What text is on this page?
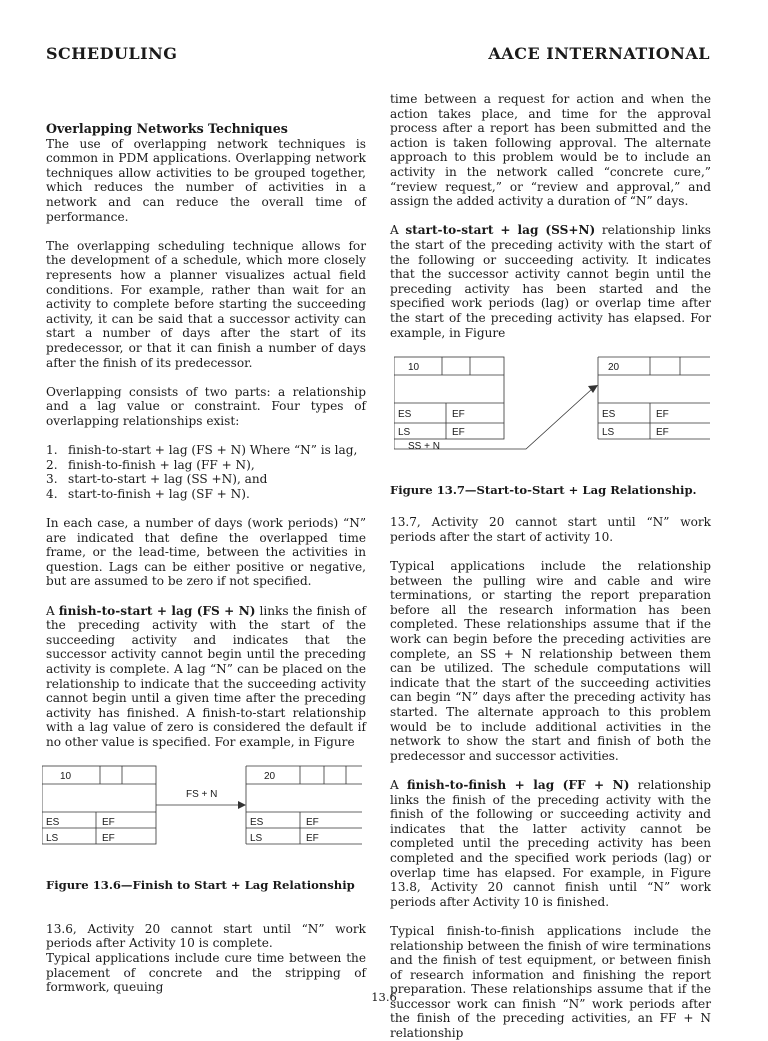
SCHEDULING	AACE INTERNATIONAL

Overlapping Networks Techniques

The use of overlapping network techniques is common in PDM applications. Overlapping network techniques allow activities to be grouped together, which reduces the number of activities in a network and can reduce the overall time of performance.

The overlapping scheduling technique allows for the development of a schedule, which more closely represents how a planner visualizes actual field conditions. For example, rather than wait for an activity to complete before starting the succeeding activity, it can be said that a successor activity can start a number of days after the start of its predecessor, or that it can finish a number of days after the finish of its predecessor.

Overlapping consists of two parts: a relationship and a lag value or constraint. Four types of overlapping relationships exist:

1. finish-to-start + lag (FS + N) Where “N” is lag,
2. finish-to-finish + lag (FF + N),
3. start-to-start + lag (SS +N), and
4. start-to-finish + lag (SF + N).

In each case, a number of days (work periods) “N” are indicated that define the overlapped time frame, or the lead-time, between the activities in question. Lags can be either positive or negative, but are assumed to be zero if not specified.

A finish-to-start + lag (FS + N) links the finish of the preceding activity with the start of the succeeding activity and indicates that the successor activity cannot begin until the preceding activity is complete. A lag “N” can be placed on the relationship to indicate that the succeeding activity cannot begin until a given time after the preceding activity has finished. A finish-to-start relationship with a lag value of zero is considered the default if no other value is specified. For example, in Figure

10	20
FS + N
ES	EF
LS	EF
ES	EF
LS	EF

Figure 13.6—Finish to Start + Lag Relationship

13.6, Activity 20 cannot start until “N” work periods after Activity 10 is complete.

Typical applications include cure time between the placement of concrete and the stripping of formwork, queuing

time between a request for action and when the action takes place, and time for the approval process after a report has been submitted and the action is taken following approval. The alternate approach to this problem would be to include an activity in the network called “concrete cure,” “review request,” or “review and approval,” and assign the added activity a duration of “N” days.

A start-to-start + lag (SS+N) relationship links the start of the preceding activity with the start of the following or succeeding activity. It indicates that the successor activity cannot begin until the preceding activity has been started and the specified work periods (lag) or overlap time after the start of the preceding activity has elapsed. For example, in Figure

10	20
SS + N
ES	EF
LS	EF
ES	EF
LS	EF

Figure 13.7—Start-to-Start + Lag Relationship.

13.7, Activity 20 cannot start until “N” work periods after the start of activity 10.

Typical applications include the relationship between the pulling wire and cable and wire terminations, or starting the report preparation before all the research information has been completed. These relationships assume that if the work can begin before the preceding activities are complete, an SS + N relationship between them can be utilized. The schedule computations will indicate that the start of the succeeding activities can begin “N” days after the preceding activity has started. The alternate approach to this problem would be to include additional activities in the network to show the start and finish of both the predecessor and successor activities.

A finish-to-finish + lag (FF + N) relationship links the finish of the preceding activity with the finish of the following or succeeding activity and indicates that the latter activity cannot be completed until the preceding activity has been completed and the specified work periods (lag) or overlap time has elapsed. For example, in Figure 13.8, Activity 20 cannot finish until “N” work periods after Activity 10 is finished.

Typical finish-to-finish applications include the relationship between the finish of wire terminations and the finish of test equipment, or between finish of research information and finishing the report preparation. These relationships assume that if the successor work can finish “N” work periods after the finish of the preceding activities, an FF + N relationship

13.6
